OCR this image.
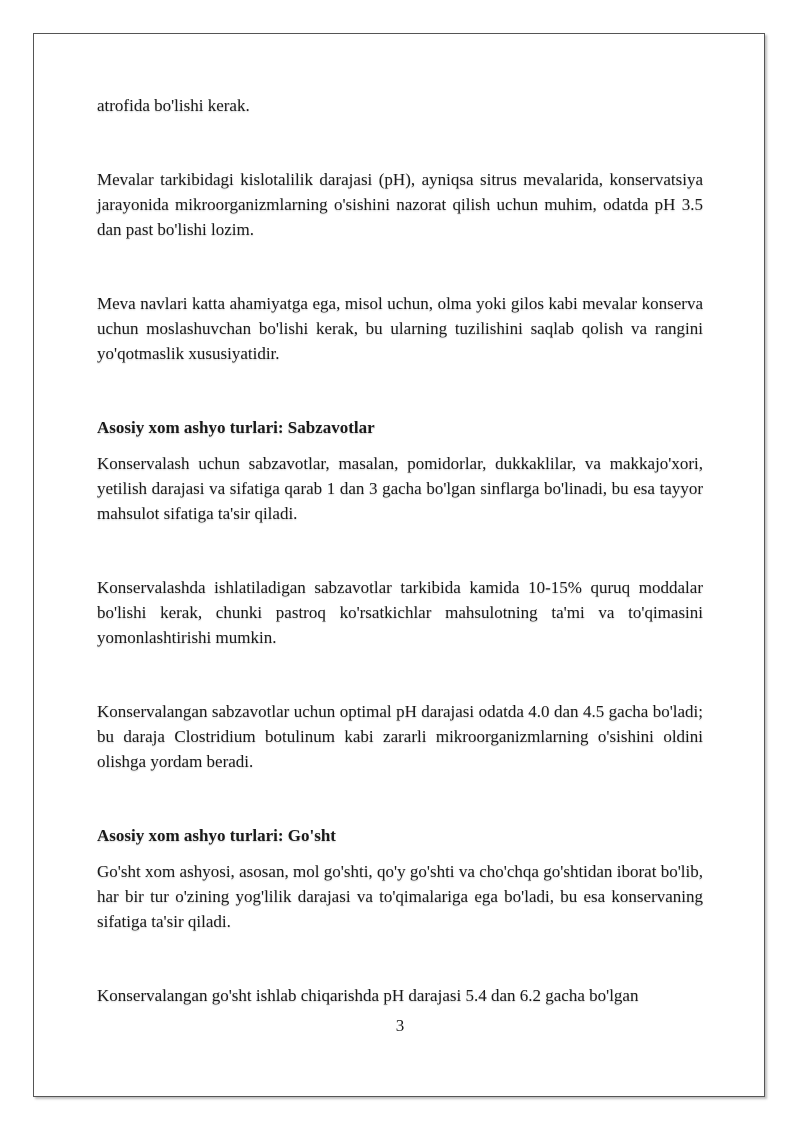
atrofida bo'lishi kerak.

Mevalar tarkibidagi kislotalilik darajasi (pH), ayniqsa sitrus mevalarida, konservatsiya jarayonida mikroorganizmlarning o'sishini nazorat qilish uchun muhim, odatda pH 3.5 dan past bo'lishi lozim.

Meva navlari katta ahamiyatga ega, misol uchun, olma yoki gilos kabi mevalar konserva uchun moslashuvchan bo'lishi kerak, bu ularning tuzilishini saqlab qolish va rangini yo'qotmaslik xususiyatidir.

Asosiy xom ashyo turlari: Sabzavotlar

Konservalash uchun sabzavotlar, masalan, pomidorlar, dukkaklilar, va makkajo'xori, yetilish darajasi va sifatiga qarab 1 dan 3 gacha bo'lgan sinflarga bo'linadi, bu esa tayyor mahsulot sifatiga ta'sir qiladi.

Konservalashda ishlatiladigan sabzavotlar tarkibida kamida 10-15% quruq moddalar bo'lishi kerak, chunki pastroq ko'rsatkichlar mahsulotning ta'mi va to'qimasini yomonlashtirishi mumkin.

Konservalangan sabzavotlar uchun optimal pH darajasi odatda 4.0 dan 4.5 gacha bo'ladi; bu daraja Clostridium botulinum kabi zararli mikroorganizmlarning o'sishini oldini olishga yordam beradi.

Asosiy xom ashyo turlari: Go'sht

Go'sht xom ashyosi, asosan, mol go'shti, qo'y go'shti va cho'chqa go'shtidan iborat bo'lib, har bir tur o'zining yog'lilik darajasi va to'qimalariga ega bo'ladi, bu esa konservaning sifatiga ta'sir qiladi.

Konservalangan go'sht ishlab chiqarishda pH darajasi 5.4 dan 6.2 gacha bo'lgan

3
